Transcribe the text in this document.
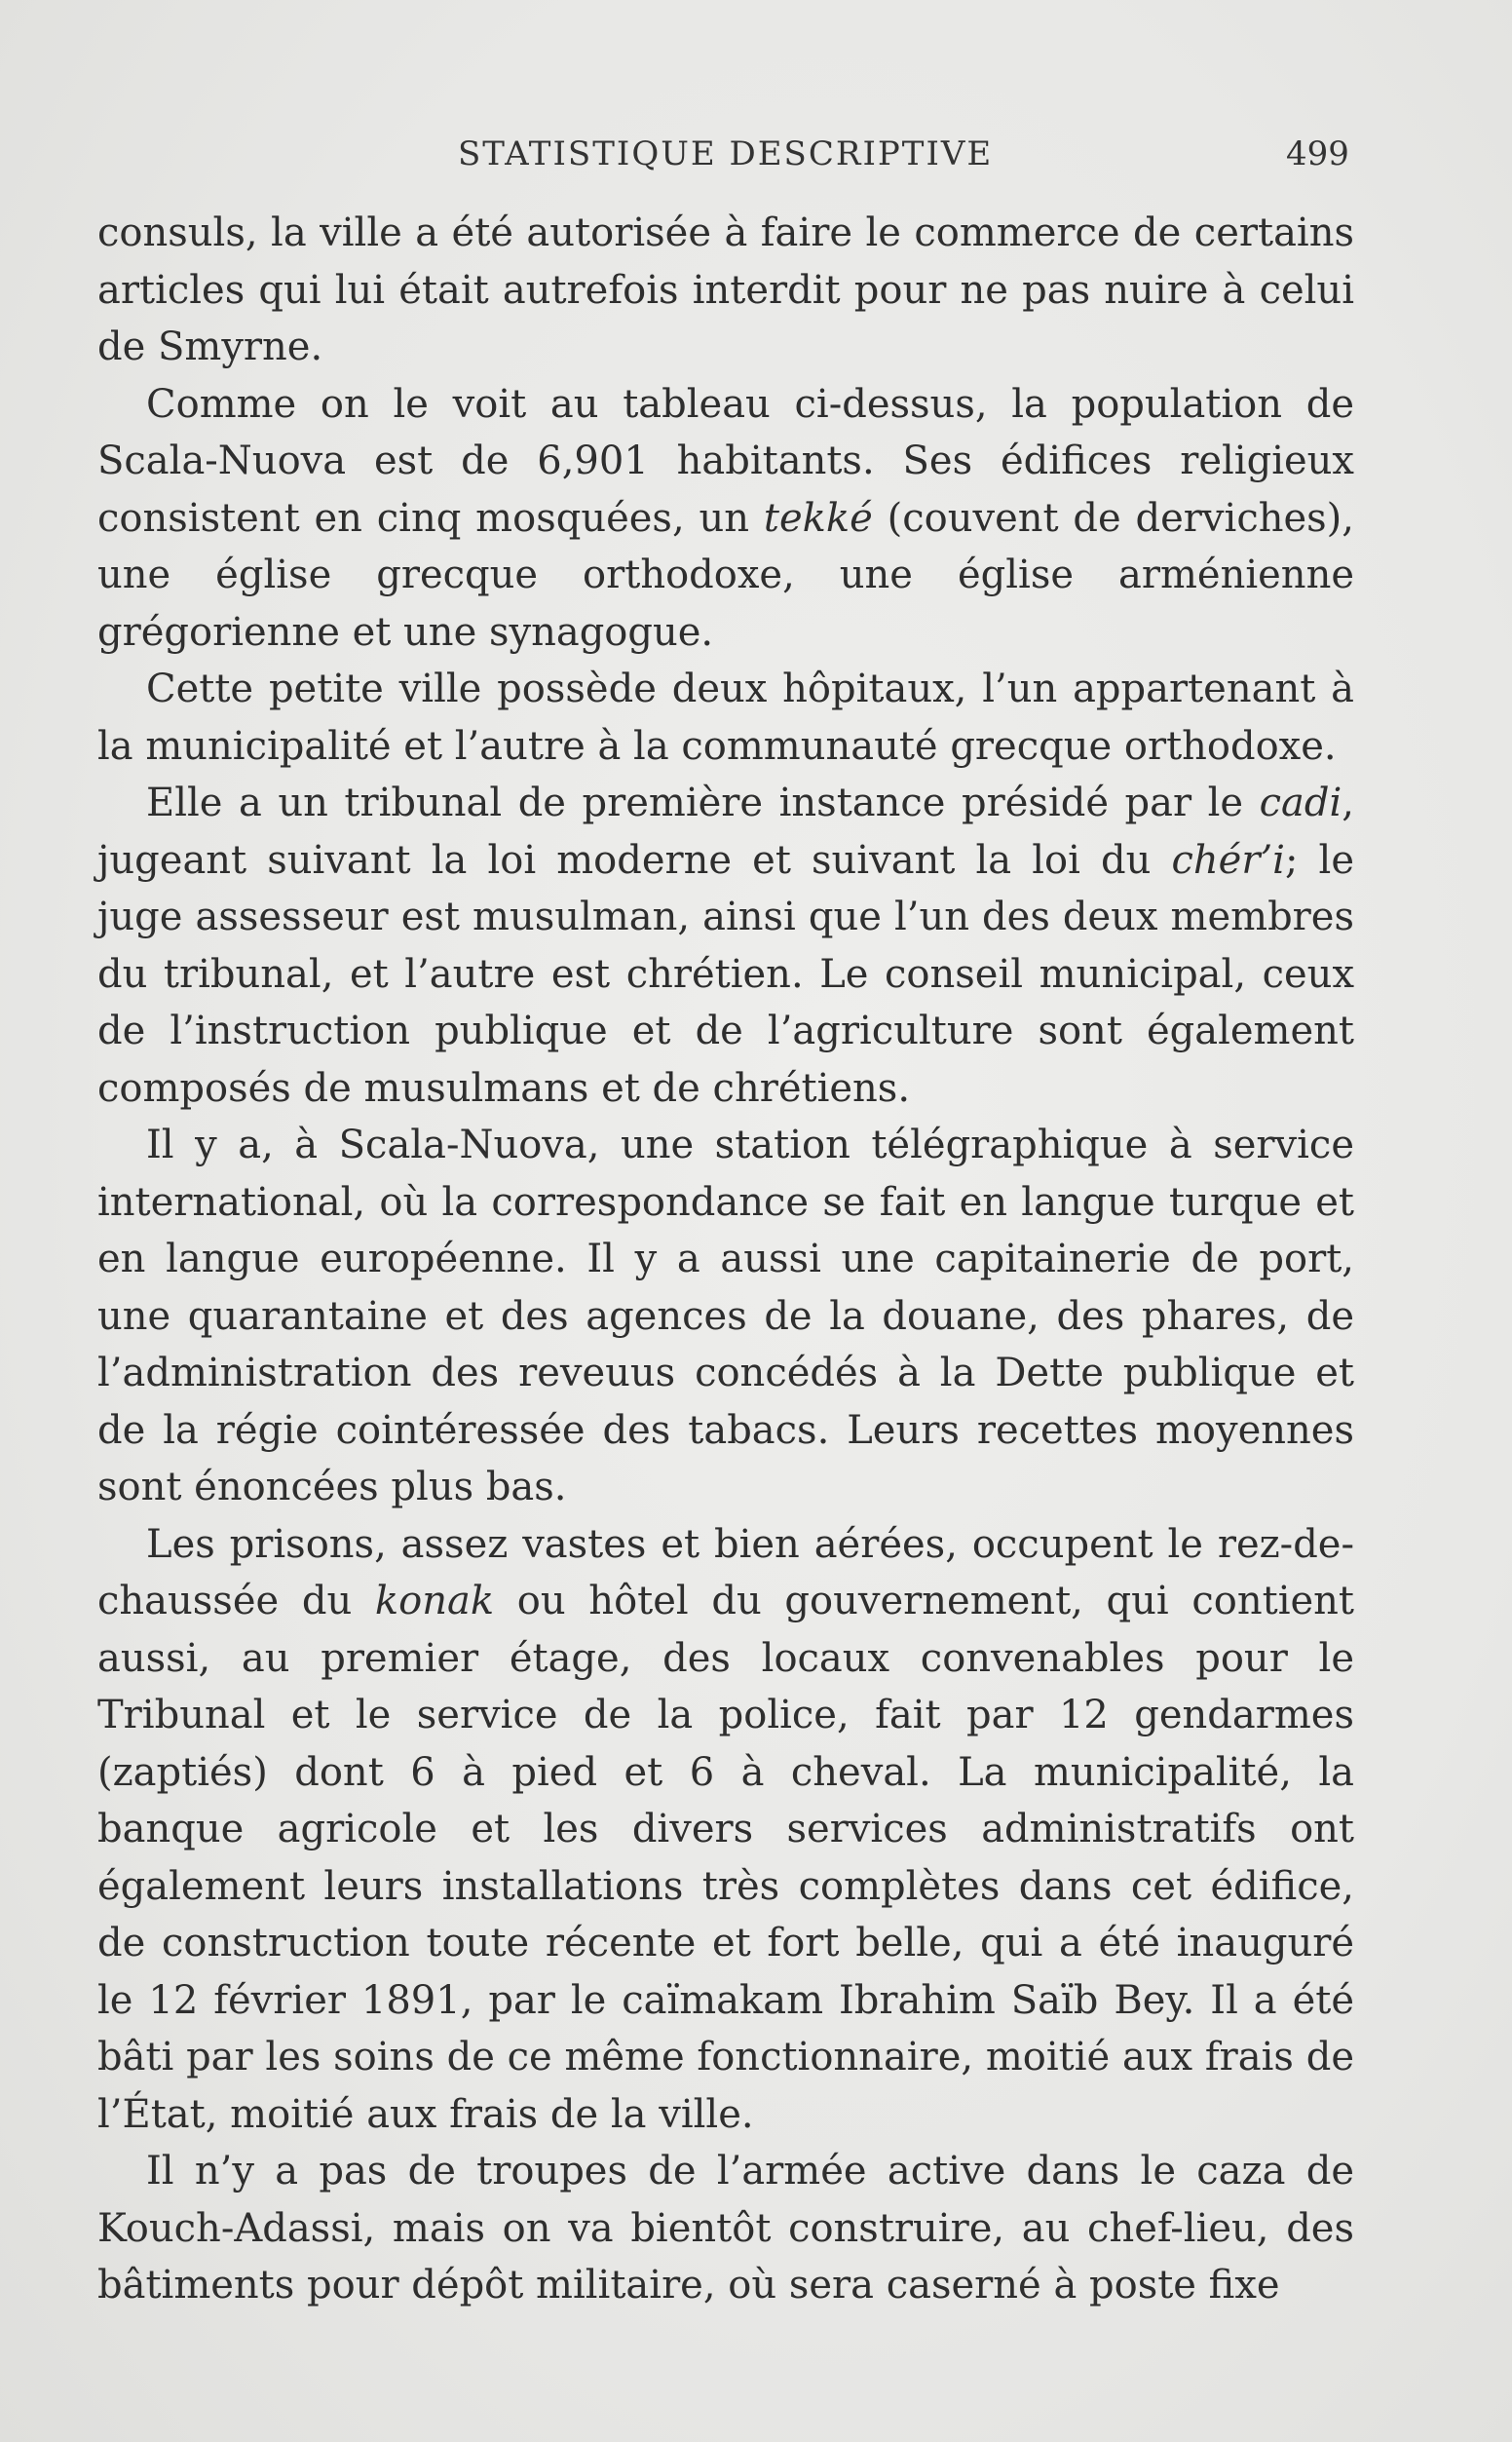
STATISTIQUE DESCRIPTIVE	499

consuls, la ville a été autorisée à faire le commerce de certains articles qui lui était autrefois interdit pour ne pas nuire à celui de Smyrne.

Comme on le voit au tableau ci-dessus, la population de Scala-Nuova est de 6,901 habitants. Ses édifices religieux consistent en cinq mosquées, un tekké (couvent de derviches), une église grecque orthodoxe, une église arménienne grégorienne et une synagogue.

Cette petite ville possède deux hôpitaux, l’un appartenant à la municipalité et l’autre à la communauté grecque orthodoxe.

Elle a un tribunal de première instance présidé par le cadi, jugeant suivant la loi moderne et suivant la loi du chér’i; le juge assesseur est musulman, ainsi que l’un des deux membres du tribunal, et l’autre est chrétien. Le conseil municipal, ceux de l’instruction publique et de l’agriculture sont également composés de musulmans et de chrétiens.

Il y a, à Scala-Nuova, une station télégraphique à service international, où la correspondance se fait en langue turque et en langue européenne. Il y a aussi une capitainerie de port, une quarantaine et des agences de la douane, des phares, de l’administration des reveuus concédés à la Dette publique et de la régie cointéressée des tabacs. Leurs recettes moyennes sont énoncées plus bas.

Les prisons, assez vastes et bien aérées, occupent le rez-de-chaussée du konak ou hôtel du gouvernement, qui contient aussi, au premier étage, des locaux convenables pour le Tribunal et le service de la police, fait par 12 gendarmes (zaptiés) dont 6 à pied et 6 à cheval. La municipalité, la banque agricole et les divers services administratifs ont également leurs installations très complètes dans cet édifice, de construction toute récente et fort belle, qui a été inauguré le 12 février 1891, par le caïmakam Ibrahim Saïb Bey. Il a été bâti par les soins de ce même fonctionnaire, moitié aux frais de l’État, moitié aux frais de la ville.

Il n’y a pas de troupes de l’armée active dans le caza de Kouch-Adassi, mais on va bientôt construire, au chef-lieu, des bâtiments pour dépôt militaire, où sera caserné à poste fixe
